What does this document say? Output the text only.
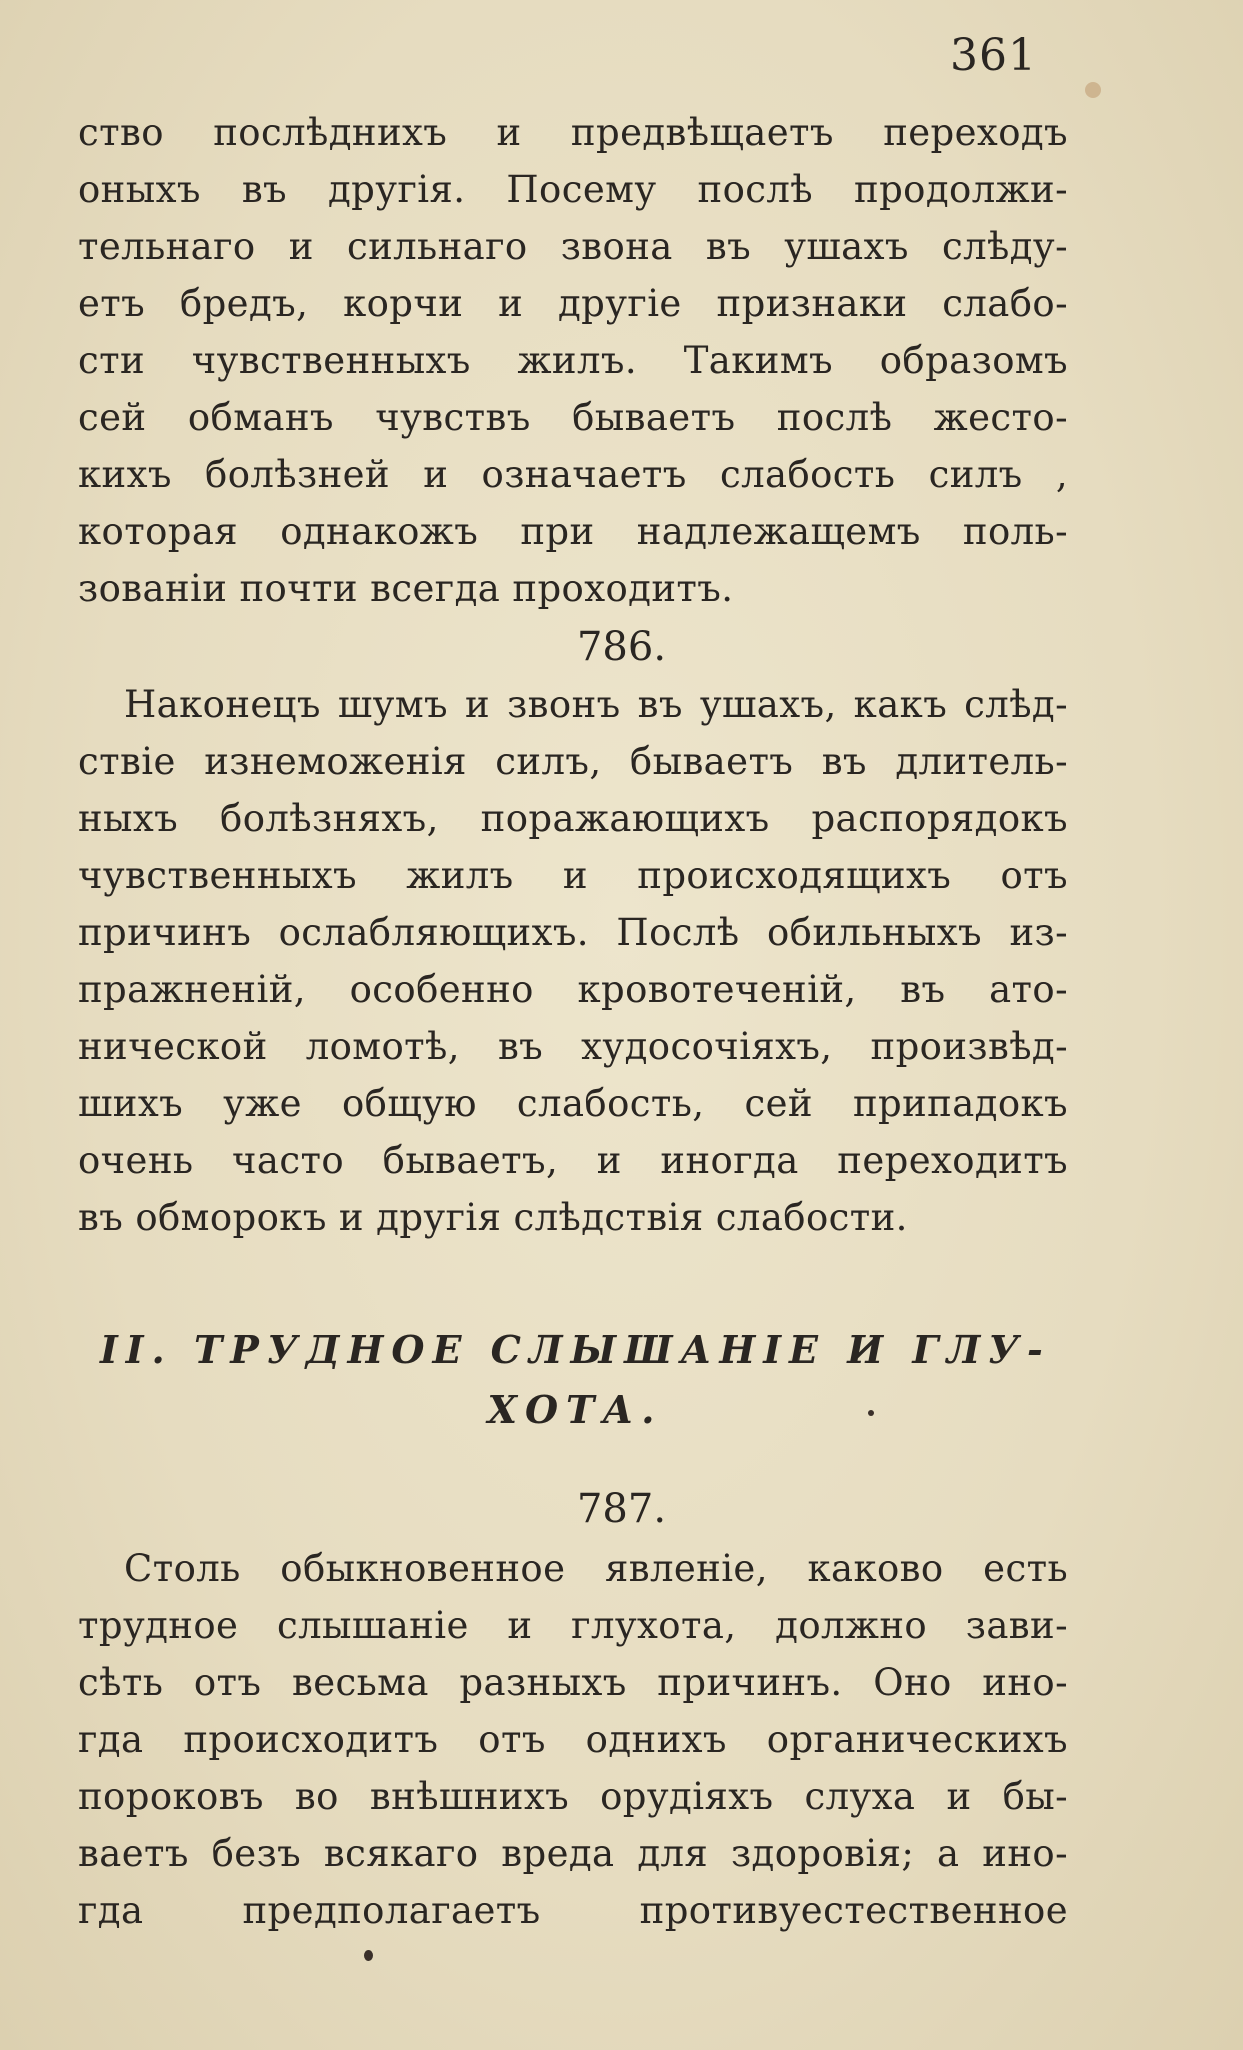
361
ство послѣднихъ и предвѣщаетъ переходъ
оныхъ въ другія. Посему послѣ продолжи-
тельнаго и сильнаго звона въ ушахъ слѣду-
етъ бредъ, корчи и другіе признаки слабо-
сти чувственныхъ жилъ. Такимъ образомъ
сей обманъ чувствъ бываетъ послѣ жесто-
кихъ болѣзней и означаетъ слабость силъ ,
которая однакожъ при надлежащемъ поль-
зованіи почти всегда проходитъ.
786.
Наконецъ шумъ и звонъ въ ушахъ, какъ слѣд-
ствіе изнеможенія силъ, бываетъ въ длитель-
ныхъ болѣзняхъ, поражающихъ распорядокъ
чувственныхъ жилъ и происходящихъ отъ
причинъ ослабляющихъ. Послѣ обильныхъ из-
пражненій, особенно кровотеченій, въ ато-
нической ломотѣ, въ худосочіяхъ, произвѣд-
шихъ уже общую слабость, сей припадокъ
очень часто бываетъ, и иногда переходитъ
въ обморокъ и другія слѣдствія слабости.
II. ТРУДНОЕ СЛЫШАНІЕ И ГЛУ-
ХОТА.
787.
Столь обыкновенное явленіе, каково есть
трудное слышаніе и глухота, должно зави-
сѣть отъ весьма разныхъ причинъ. Оно ино-
гда происходитъ отъ однихъ органическихъ
пороковъ во внѣшнихъ орудіяхъ слуха и бы-
ваетъ безъ всякаго вреда для здоровія; а ино-
гда предполагаетъ противуестественное
